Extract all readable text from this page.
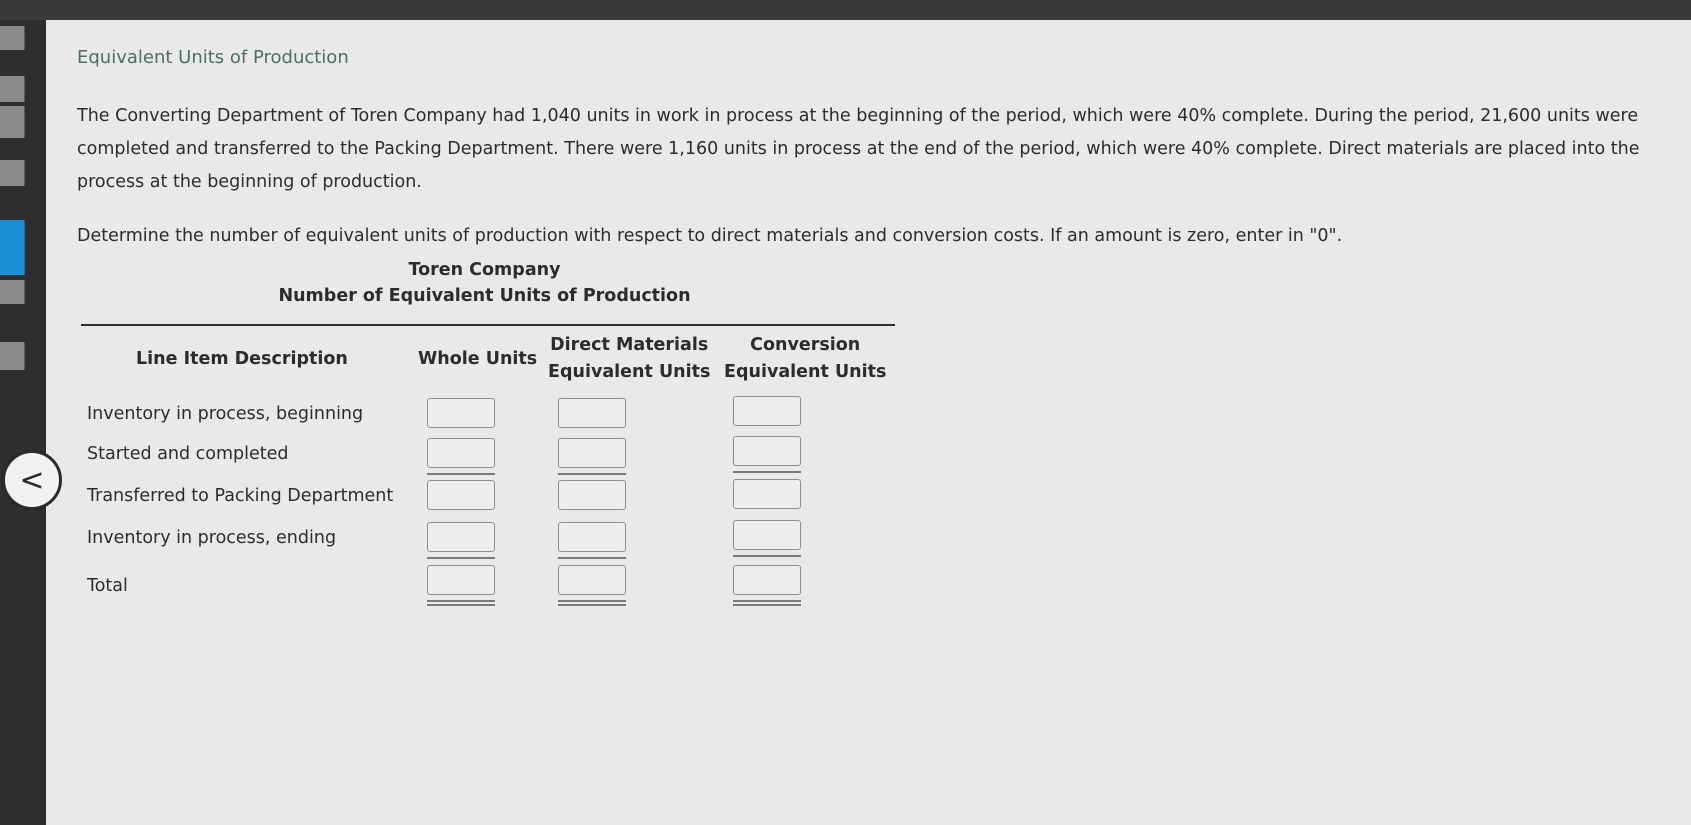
Equivalent Units of Production

The Converting Department of Toren Company had 1,040 units in work in process at the beginning of the period, which were 40% complete. During the period, 21,600 units were completed and transferred to the Packing Department. There were 1,160 units in process at the end of the period, which were 40% complete. Direct materials are placed into the process at the beginning of production.

Determine the number of equivalent units of production with respect to direct materials and conversion costs. If an amount is zero, enter in "0".

Toren Company
Number of Equivalent Units of Production
Line Item Description	Whole Units
Direct Materials
Equivalent Units
Conversion
Equivalent Units
Inventory in process, beginning
Started and completed
Transferred to Packing Department
Inventory in process, ending
Total
<
